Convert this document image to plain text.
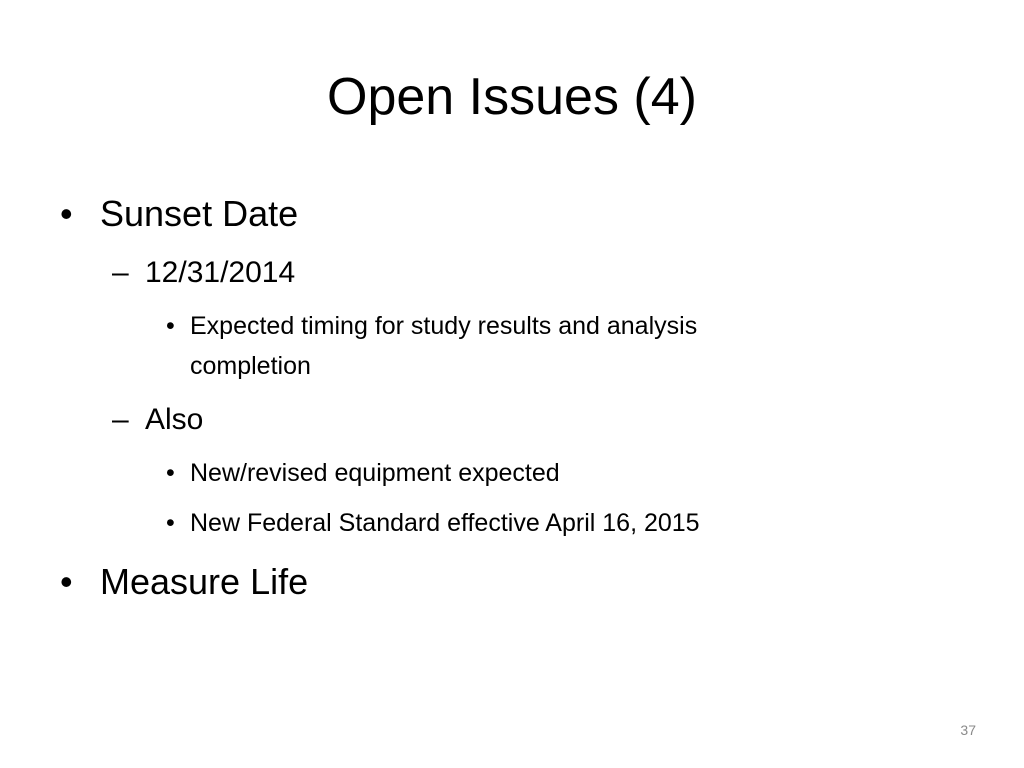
Open Issues (4)
• Sunset Date
– 12/31/2014
• Expected timing for study results and analysis
completion
– Also
• New/revised equipment expected
• New Federal Standard effective April 16, 2015
• Measure Life
37
